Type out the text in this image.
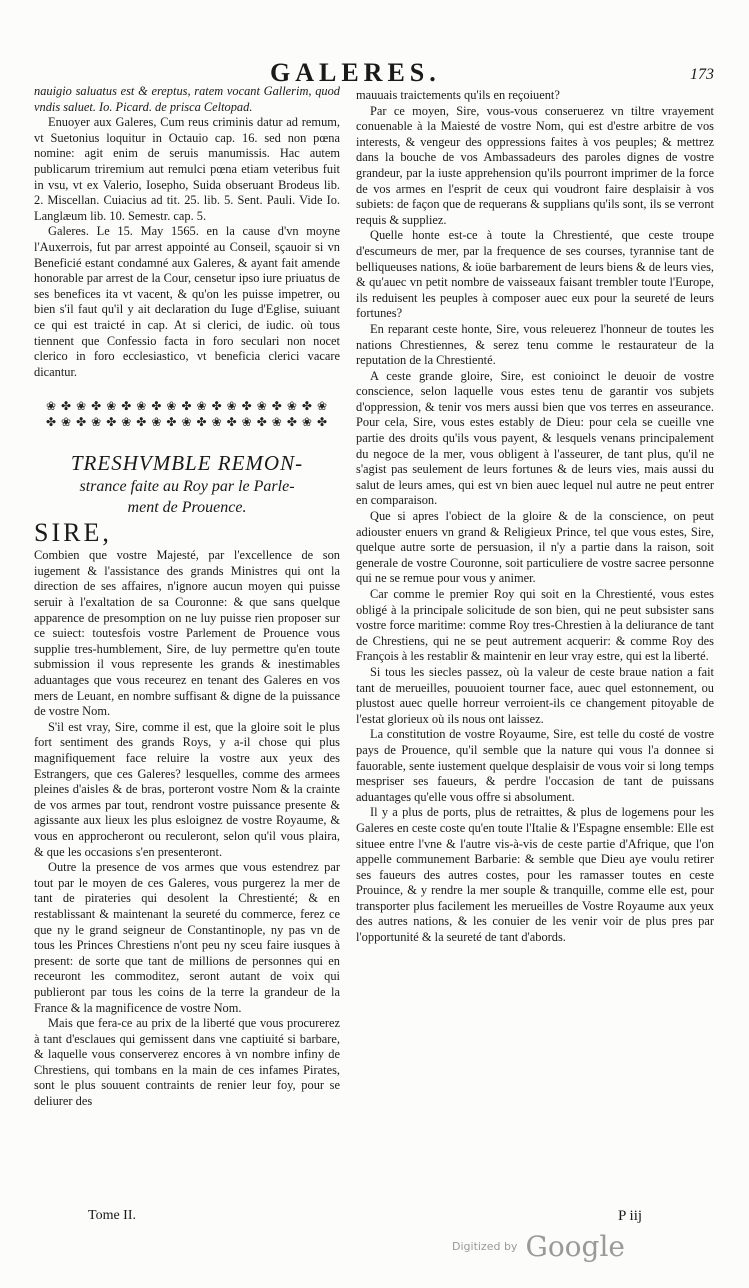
GALERES.	173

nauigio saluatus est & ereptus, ratem vocant Gallerim, quod vndis saluet. Io. Picard. de prisca Celtopad.

Enuoyer aux Galeres, Cum reus criminis datur ad remum, vt Suetonius loquitur in Octauio cap. 16. sed non pœna nomine: agit enim de seruis manumissis. Hac autem publicarum triremium aut remulci pœna etiam veteribus fuit in vsu, vt ex Valerio, Iosepho, Suida obseruant Brodeus lib. 2. Miscellan. Cuiacius ad tit. 25. lib. 5. Sent. Pauli. Vide Io. Langlæum lib. 10. Semestr. cap. 5.

Galeres. Le 15. May 1565. en la cause d'vn moyne l'Auxerrois, fut par arrest appointé au Conseil, sçauoir si vn Beneficié estant condamné aux Galeres, & ayant fait amende honorable par arrest de la Cour, censetur ipso iure priuatus de ses benefices ita vt vacent, & qu'on les puisse impetrer, ou bien s'il faut qu'il y ait declaration du Iuge d'Eglise, suiuant ce qui est traicté in cap. At si clerici, de iudic. où tous tiennent que Confessio facta in foro seculari non nocet clerico in foro ecclesiastico, vt beneficia clerici vacare dicantur.

❀ ✤ ❀ ✤ ❀ ✤ ❀ ✤ ❀ ✤ ❀ ✤ ❀ ✤ ❀ ✤ ❀ ✤ ❀
✤ ❀ ✤ ❀ ✤ ❀ ✤ ❀ ✤ ❀ ✤ ❀ ✤ ❀ ✤ ❀ ✤ ❀ ✤

TRESHVMBLE REMON-

strance faite au Roy par le Parle-

ment de Prouence.

SIRE,

Combien que vostre Majesté, par l'excellence de son iugement & l'assistance des grands Ministres qui ont la direction de ses affaires, n'ignore aucun moyen qui puisse seruir à l'exaltation de sa Couronne: & que sans quelque apparence de presomption on ne luy puisse rien proposer sur ce suiect: toutesfois vostre Parlement de Prouence vous supplie tres-humblement, Sire, de luy permettre qu'en toute submission il vous represente les grands & inestimables aduantages que vous receurez en tenant des Galeres en vos mers de Leuant, en nombre suffisant & digne de la puissance de vostre Nom.

S'il est vray, Sire, comme il est, que la gloire soit le plus fort sentiment des grands Roys, y a-il chose qui plus magnifiquement face reluire la vostre aux yeux des Estrangers, que ces Galeres? lesquelles, comme des armees pleines d'aisles & de bras, porteront vostre Nom & la crainte de vos armes par tout, rendront vostre puissance presente & agissante aux lieux les plus esloignez de vostre Royaume, & vous en approcheront ou reculeront, selon qu'il vous plaira, & que les occasions s'en presenteront.

Outre la presence de vos armes que vous estendrez par tout par le moyen de ces Galeres, vous purgerez la mer de tant de pirateries qui desolent la Chrestienté; & en restablissant & maintenant la seureté du commerce, ferez ce que ny le grand seigneur de Constantinople, ny pas vn de tous les Princes Chrestiens n'ont peu ny sceu faire iusques à present: de sorte que tant de millions de personnes qui en receuront les commoditez, seront autant de voix qui publieront par tous les coins de la terre la grandeur de la France & la magnificence de vostre Nom.

Mais que fera-ce au prix de la liberté que vous procurerez à tant d'esclaues qui gemissent dans vne captiuité si barbare, & laquelle vous conserverez encores à vn nombre infiny de Chrestiens, qui tombans en la main de ces infames Pirates, sont le plus souuent contraints de renier leur foy, pour se deliurer des

mauuais traictements qu'ils en reçoiuent?

Par ce moyen, Sire, vous-vous conseruerez vn tiltre vrayement conuenable à la Maiesté de vostre Nom, qui est d'estre arbitre de vos interests, & vengeur des oppressions faites à vos peuples; & mettrez dans la bouche de vos Ambassadeurs des paroles dignes de vostre grandeur, par la iuste apprehension qu'ils pourront imprimer de la force de vos armes en l'esprit de ceux qui voudront faire desplaisir à vos subiets: de façon que de requerans & supplians qu'ils sont, ils se verront requis & suppliez.

Quelle honte est-ce à toute la Chrestienté, que ceste troupe d'escumeurs de mer, par la frequence de ses courses, tyrannise tant de belliqueuses nations, & ioüe barbarement de leurs biens & de leurs vies, & qu'auec vn petit nombre de vaisseaux faisant trembler toute l'Europe, ils reduisent les peuples à composer auec eux pour la seureté de leurs fortunes?

En reparant ceste honte, Sire, vous releuerez l'honneur de toutes les nations Chrestiennes, & serez tenu comme le restaurateur de la reputation de la Chrestienté.

A ceste grande gloire, Sire, est conioinct le deuoir de vostre conscience, selon laquelle vous estes tenu de garantir vos subjets d'oppression, & tenir vos mers aussi bien que vos terres en asseurance. Pour cela, Sire, vous estes estably de Dieu: pour cela se cueille vne partie des droits qu'ils vous payent, & lesquels venans principalement du negoce de la mer, vous obligent à l'asseurer, de tant plus, qu'il ne s'agist pas seulement de leurs fortunes & de leurs vies, mais aussi du salut de leurs ames, qui est vn bien auec lequel nul autre ne peut entrer en comparaison.

Que si apres l'obiect de la gloire & de la conscience, on peut adiouster enuers vn grand & Religieux Prince, tel que vous estes, Sire, quelque autre sorte de persuasion, il n'y a partie dans la raison, soit generale de vostre Couronne, soit particuliere de vostre sacree personne qui ne se remue pour vous y animer.

Car comme le premier Roy qui soit en la Chrestienté, vous estes obligé à la principale solicitude de son bien, qui ne peut subsister sans vostre force maritime: comme Roy tres-Chrestien à la deliurance de tant de Chrestiens, qui ne se peut autrement acquerir: & comme Roy des François à les restablir & maintenir en leur vray estre, qui est la liberté.

Si tous les siecles passez, où la valeur de ceste braue nation a fait tant de merueilles, pouuoient tourner face, auec quel estonnement, ou plustost auec quelle horreur verroient-ils ce changement pitoyable de l'estat glorieux où ils nous ont laissez.

La constitution de vostre Royaume, Sire, est telle du costé de vostre pays de Prouence, qu'il semble que la nature qui vous l'a donnee si fauorable, sente iustement quelque desplaisir de vous voir si long temps mespriser ses faueurs, & perdre l'occasion de tant de puissans aduantages qu'elle vous offre si absolument.

Il y a plus de ports, plus de retraittes, & plus de logemens pour les Galeres en ceste coste qu'en toute l'Italie & l'Espagne ensemble: Elle est situee entre l'vne & l'autre vis-à-vis de ceste partie d'Afrique, que l'on appelle communement Barbarie: & semble que Dieu aye voulu retirer ses faueurs des autres costes, pour les ramasser toutes en ceste Prouince, & y rendre la mer souple & tranquille, comme elle est, pour transporter plus facilement les merueilles de Vostre Royaume aux yeux des autres nations, & les conuier de les venir voir de plus pres par l'opportunité & la seureté de tant d'abords.

Tome II.	P iij
Digitized by Google
